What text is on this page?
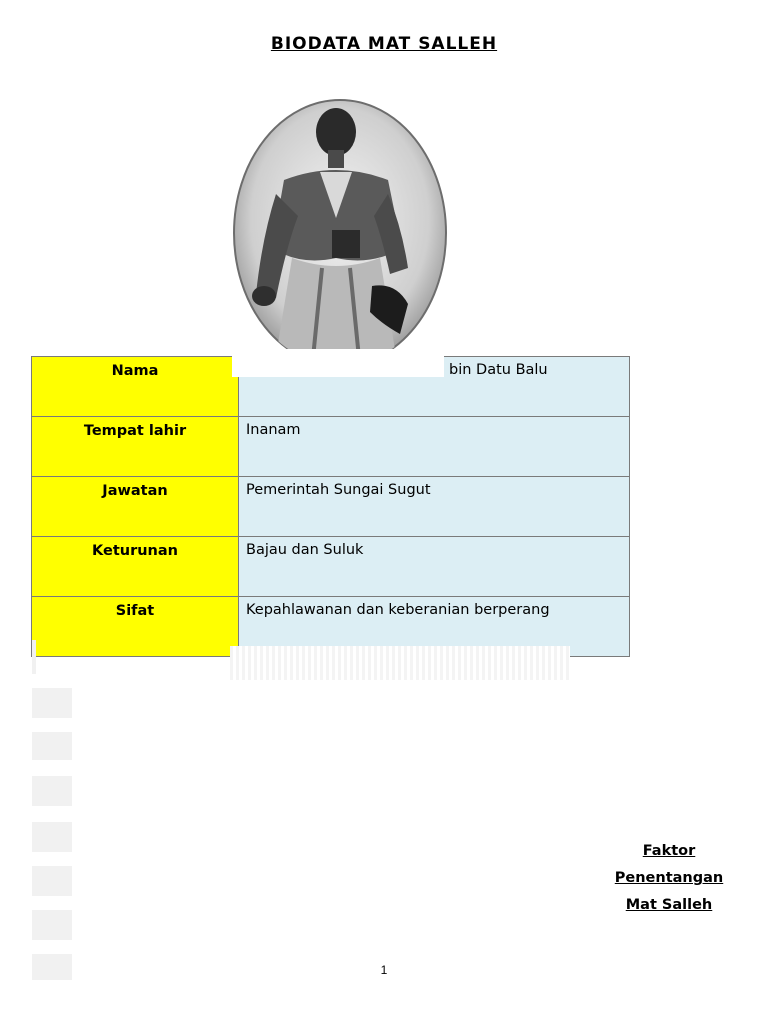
BIODATA MAT SALLEH
Nama	bin Datu Balu
Tempat lahir	Inanam
Jawatan	Pemerintah Sungai Sugut
Keturunan	Bajau dan Suluk
Sifat	Kepahlawanan dan keberanian berperang
Faktor
Penentangan
Mat Salleh
1
